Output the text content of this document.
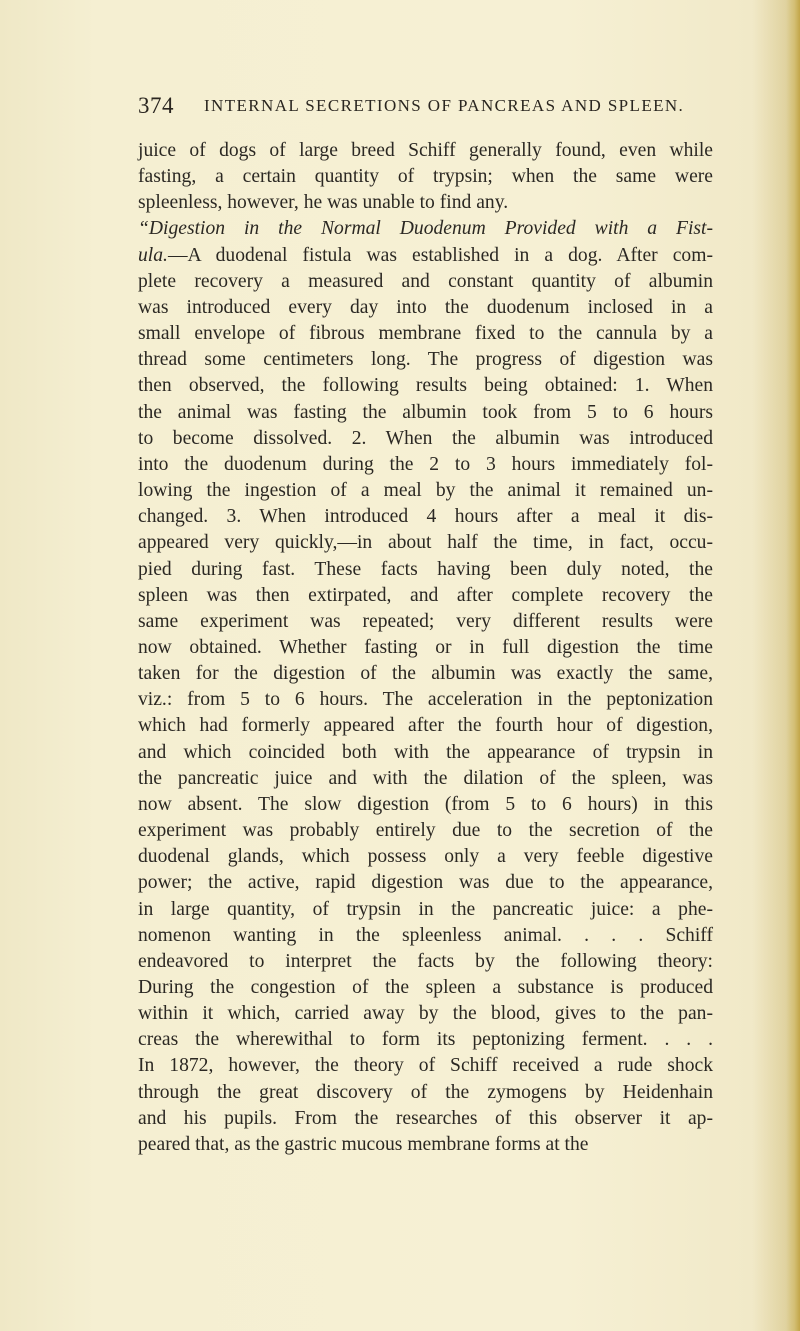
374 INTERNAL SECRETIONS OF PANCREAS AND SPLEEN.
juice of dogs of large breed Schiff generally found, even while
fasting, a certain quantity of trypsin; when the same were
spleenless, however, he was unable to find any.
“Digestion in the Normal Duodenum Provided with a Fist-
ula.—A duodenal fistula was established in a dog. After com-
plete recovery a measured and constant quantity of albumin
was introduced every day into the duodenum inclosed in a
small envelope of fibrous membrane fixed to the cannula by a
thread some centimeters long. The progress of digestion was
then observed, the following results being obtained: 1. When
the animal was fasting the albumin took from 5 to 6 hours
to become dissolved. 2. When the albumin was introduced
into the duodenum during the 2 to 3 hours immediately fol-
lowing the ingestion of a meal by the animal it remained un-
changed. 3. When introduced 4 hours after a meal it dis-
appeared very quickly,—in about half the time, in fact, occu-
pied during fast. These facts having been duly noted, the
spleen was then extirpated, and after complete recovery the
same experiment was repeated; very different results were
now obtained. Whether fasting or in full digestion the time
taken for the digestion of the albumin was exactly the same,
viz.: from 5 to 6 hours. The acceleration in the peptonization
which had formerly appeared after the fourth hour of digestion,
and which coincided both with the appearance of trypsin in
the pancreatic juice and with the dilation of the spleen, was
now absent. The slow digestion (from 5 to 6 hours) in this
experiment was probably entirely due to the secretion of the
duodenal glands, which possess only a very feeble digestive
power; the active, rapid digestion was due to the appearance,
in large quantity, of trypsin in the pancreatic juice: a phe-
nomenon wanting in the spleenless animal. . . . Schiff
endeavored to interpret the facts by the following theory:
During the congestion of the spleen a substance is produced
within it which, carried away by the blood, gives to the pan-
creas the wherewithal to form its peptonizing ferment. . . .
In 1872, however, the theory of Schiff received a rude shock
through the great discovery of the zymogens by Heidenhain
and his pupils. From the researches of this observer it ap-
peared that, as the gastric mucous membrane forms at the
